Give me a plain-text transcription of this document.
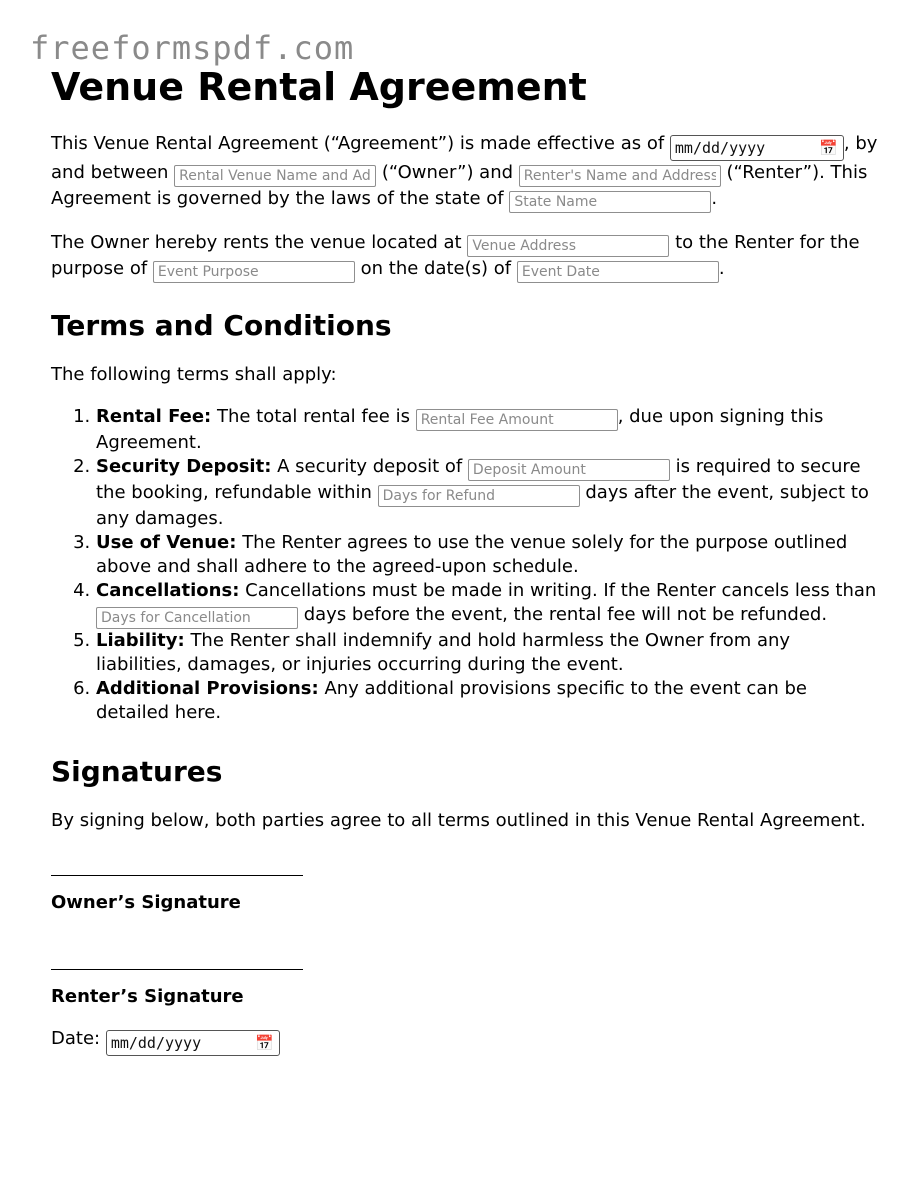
freeformspdf.com
Venue Rental Agreement

This Venue Rental Agreement (“Agreement”) is made effective as of mm/dd/yyyy	📅 , by and between Rental Venue Name and Address	(“Owner”) and Renter's Name and Address	(“Renter”). This Agreement is governed by the laws of the state of State Name	.

The Owner hereby rents the venue located at Venue Address	to the Renter for the purpose of Event Purpose	on the date(s) of Event Date	.

Terms and Conditions

The following terms shall apply:

1. Rental Fee: The total rental fee is Rental Fee Amount	, due upon signing this Agreement.
2. Security Deposit: A security deposit of Deposit Amount	is required to secure the booking, refundable within Days for Refund	days after the event, subject to any damages.
3. Use of Venue: The Renter agrees to use the venue solely for the purpose outlined above and shall adhere to the agreed-upon schedule.
4. Cancellations: Cancellations must be made in writing. If the Renter cancels less than Days for Cancellation days before the event, the rental fee will not be refunded.
5. Liability: The Renter shall indemnify and hold harmless the Owner from any liabilities, damages, or injuries occurring during the event.
6. Additional Provisions: Any additional provisions specific to the event can be detailed here.
Signatures

By signing below, both parties agree to all terms outlined in this Venue Rental Agreement.

Owner’s Signature
Renter’s Signature
Date: mm/dd/yyyy	📅
